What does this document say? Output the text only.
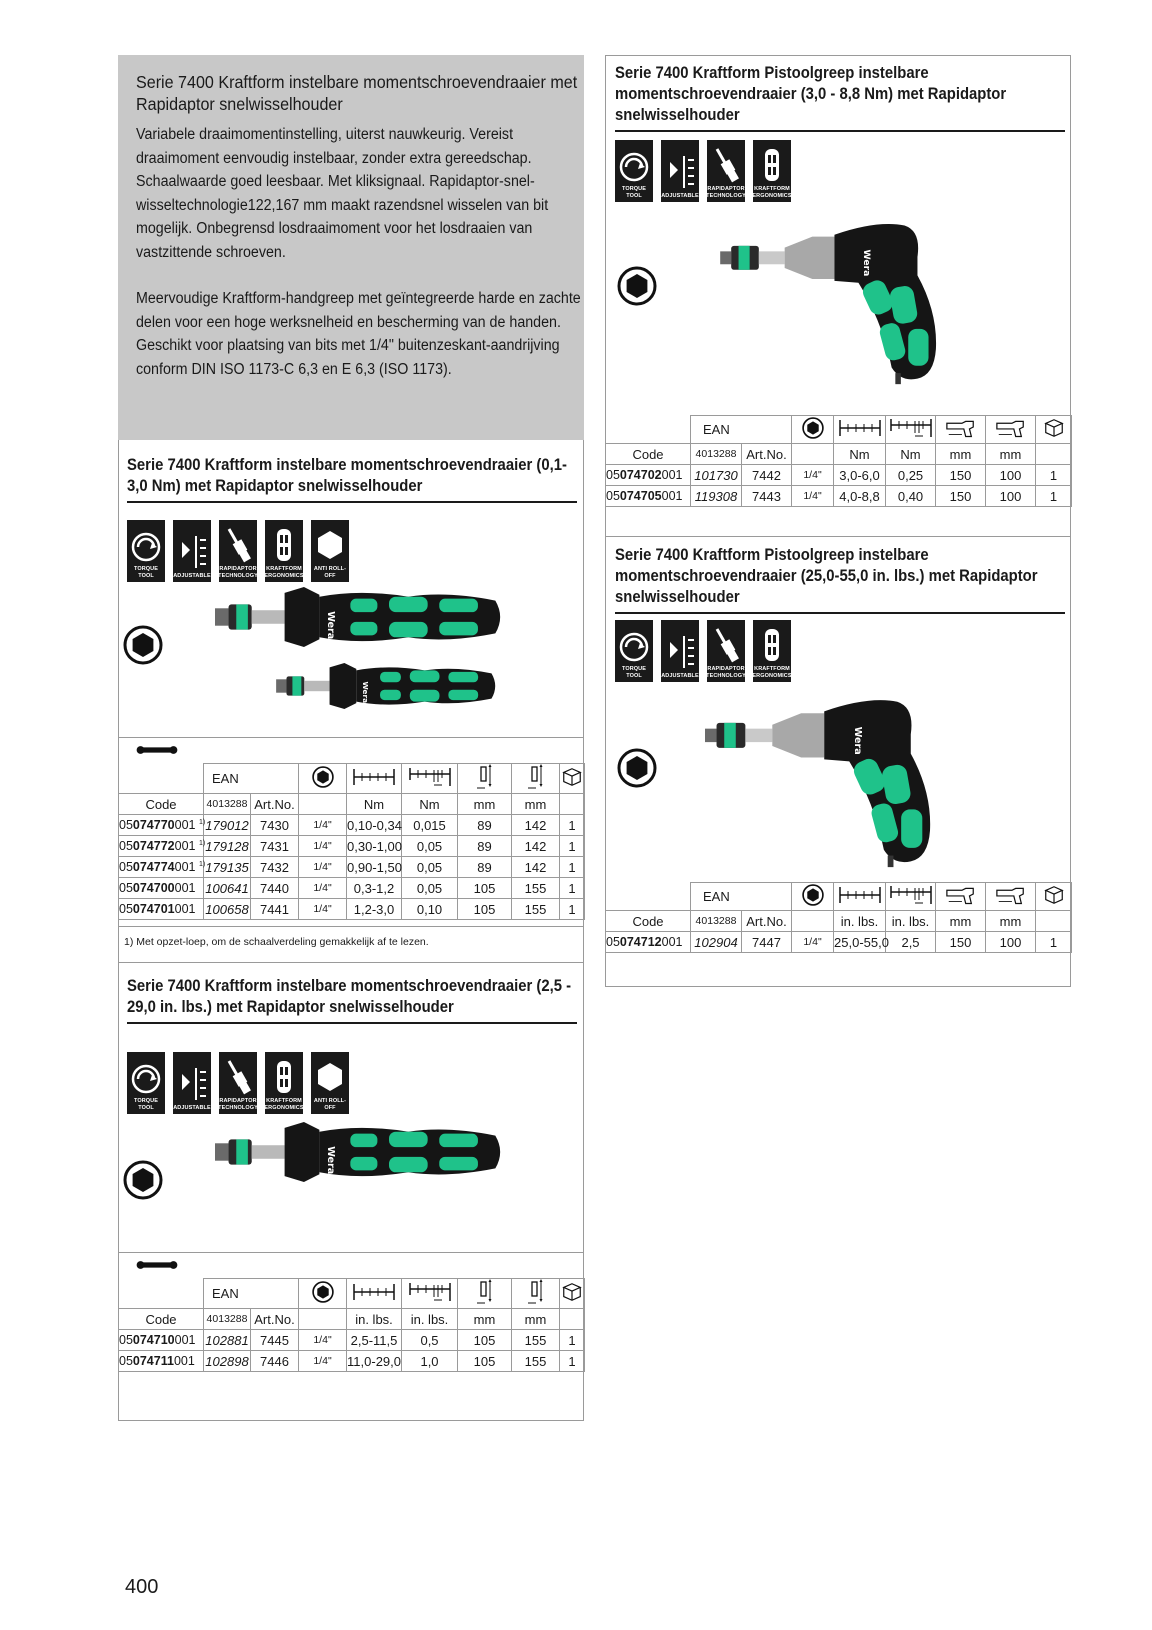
Serie 7400 Kraftform instelbare momentschroevendraaier met Rapidaptor snelwisselhouder

Variabele draaimomentinstelling, uiterst nauwkeurig. Vereist draaimoment eenvoudig instelbaar, zonder extra gereedschap. Schaalwaarde goed leesbaar. Met kliksignaal. Rapidaptor-snel-wisseltechnologie122,167 mm maakt razendsnel wisselen van bit mogelijk. Onbegrensd losdraaimoment voor het losdraaien van vastzittende schroeven.

Meervoudige Kraftform-handgreep met geïntegreerde harde en zachte delen voor een hoge werksnelheid en bescherming van de handen. Geschikt voor plaatsing van bits met 1/4" buitenzeskant-aandrijving conform DIN ISO 1173-C 6,3 en E 6,3 (ISO 1173).

Serie 7400 Kraftform instelbare momentschroevendraaier (0,1-3,0 Nm) met Rapidaptor snelwisselhouder
TORQUE TOOL	ADJUSTABLE
RAPIDAPTOR TECHNOLOGY
KRAFTFORM ERGONOMICS
ANTI ROLL-OFF
	EAN						
Code	4013288	Art.No.		Nm	Nm	mm	mm	
05074770001 $^{1)}$	179012	7430	1/4"	0,10-0,34	0,015	89	142	1
05074772001 $^{1)}$	179128	7431	1/4"	0,30-1,00	0,05	89	142	1
05074774001 $^{1)}$	179135	7432	1/4"	0,90-1,50	0,05	89	142	1
05074700001	100641	7440	1/4"	0,3-1,2	0,05	105	155	1
05074701001	100658	7441	1/4"	1,2-3,0	0,10	105	155	1
1) Met opzet-loep, om de schaalverdeling gemakkelijk af te lezen.
Serie 7400 Kraftform instelbare momentschroevendraaier (2,5 - 29,0 in. lbs.) met Rapidaptor snelwisselhouder
TORQUE TOOL	ADJUSTABLE
RAPIDAPTOR TECHNOLOGY
KRAFTFORM ERGONOMICS
ANTI ROLL-OFF
	EAN						
Code	4013288	Art.No.		in. lbs.	in. lbs.	mm	mm	
05074710001	102881	7445	1/4"	2,5-11,5	0,5	105	155	1
05074711001	102898	7446	1/4"	11,0-29,0	1,0	105	155	1
Serie 7400 Kraftform Pistoolgreep instelbare momentschroevendraaier (3,0 - 8,8 Nm) met Rapidaptor snelwisselhouder
TORQUE TOOL	ADJUSTABLE
RAPIDAPTOR TECHNOLOGY
KRAFTFORM ERGONOMICS
	EAN						
Code	4013288	Art.No.		Nm	Nm	mm	mm	
05074702001	101730	7442	1/4"	3,0-6,0	0,25	150	100	1
05074705001	119308	7443	1/4"	4,0-8,8	0,40	150	100	1
Serie 7400 Kraftform Pistoolgreep instelbare momentschroevendraaier (25,0-55,0 in. lbs.) met Rapidaptor snelwisselhouder
TORQUE TOOL	ADJUSTABLE
RAPIDAPTOR TECHNOLOGY
KRAFTFORM ERGONOMICS
	EAN						
Code	4013288	Art.No.		in. lbs.	in. lbs.	mm	mm	
05074712001	102904	7447	1/4"	25,0-55,0	2,5	150	100	1
400
